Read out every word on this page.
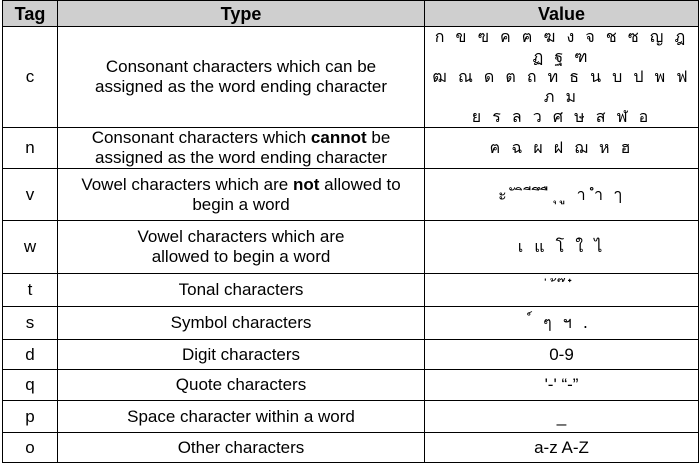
Tag	Type	Value
c	Consonant characters which can be
assigned as the word ending character	ก ข ฃ ค ฅ ฆ ง จ ช ซ ญ ฎ ฏ ฐ ฑ
ฒ ณ ด ต ถ ท ธ น บ ป พ ฟ ภ ม
ย ร ล ว ศ ษ ส ฬ อ
n	Consonant characters which cannot be
assigned as the word ending character	ฅ ฉ ผ ฝ ฌ ห ฮ
v	Vowel characters which are not allowed to
begin a word	ะ ั ิ ี ึ ื ุ ู า ำ ๅ
w	Vowel characters which are
allowed to begin a word	เ แ โ ใ ไ
t	Tonal characters	่ ้ ๊ ๋
s	Symbol characters	์ ๆ ฯ .
d	Digit characters	0-9
q	Quote characters	'-' “-”
p	Space character within a word	_
o	Other characters	a-z A-Z
